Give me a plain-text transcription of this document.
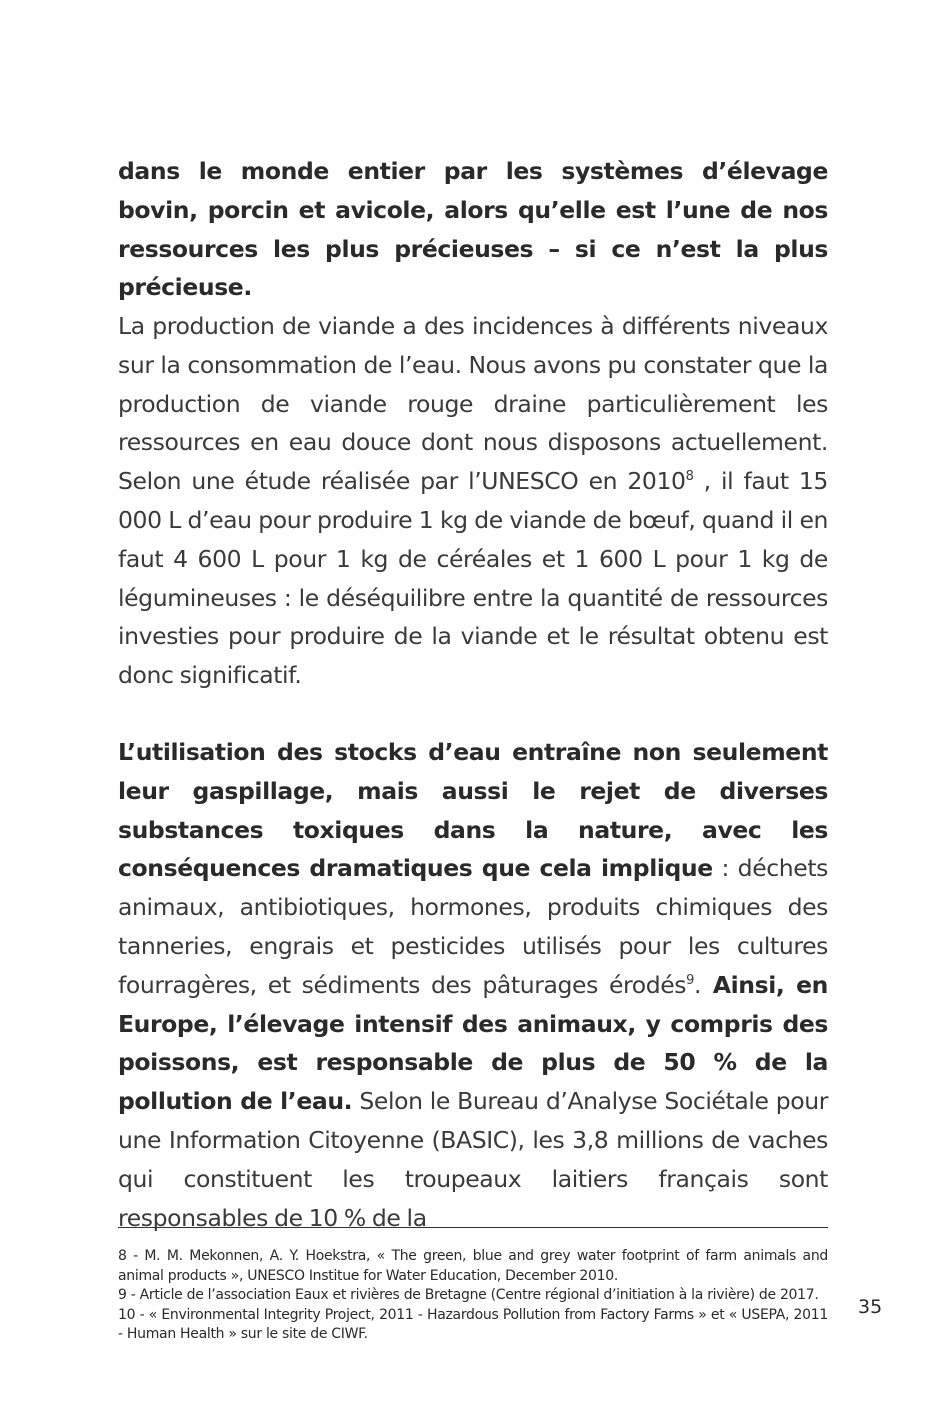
dans le monde entier par les systèmes d’élevage bovin, porcin et avicole, alors qu’elle est l’une de nos ressources les plus précieuses – si ce n’est la plus précieuse.

La production de viande a des incidences à différents niveaux sur la consommation de l’eau. Nous avons pu constater que la production de viande rouge draine particulièrement les ressources en eau douce dont nous disposons actuellement. Selon une étude réalisée par l’UNESCO en 2010$^8$ , il faut 15 000 L d’eau pour produire 1 kg de viande de bœuf, quand il en faut 4 600 L pour 1 kg de céréales et 1 600 L pour 1 kg de légumineuses : le déséquilibre entre la quantité de ressources investies pour produire de la viande et le résultat obtenu est donc significatif.

L’utilisation des stocks d’eau entraîne non seulement leur gaspillage, mais aussi le rejet de diverses substances toxiques dans la nature, avec les conséquences dramatiques que cela implique : déchets animaux, antibiotiques, hormones, produits chimiques des tanneries, engrais et pesticides utilisés pour les cultures fourragères, et sédiments des pâturages érodés$^9$. Ainsi, en Europe, l’élevage intensif des animaux, y compris des poissons, est responsable de plus de 50 % de la pollution de l’eau. Selon le Bureau d’Analyse Sociétale pour une Information Citoyenne (BASIC), les 3,8 millions de vaches qui constituent les troupeaux laitiers français sont responsables de 10 % de la

8 - M. M. Mekonnen, A. Y. Hoekstra, « The green, blue and grey water footprint of farm animals and animal products », UNESCO Institue for Water Education, December 2010.

9 - Article de l’association Eaux et rivières de Bretagne (Centre régional d’initiation à la rivière) de 2017.

10 - « Environmental Integrity Project, 2011 - Hazardous Pollution from Factory Farms » et « USEPA, 2011 - Human Health » sur le site de CIWF.

35
